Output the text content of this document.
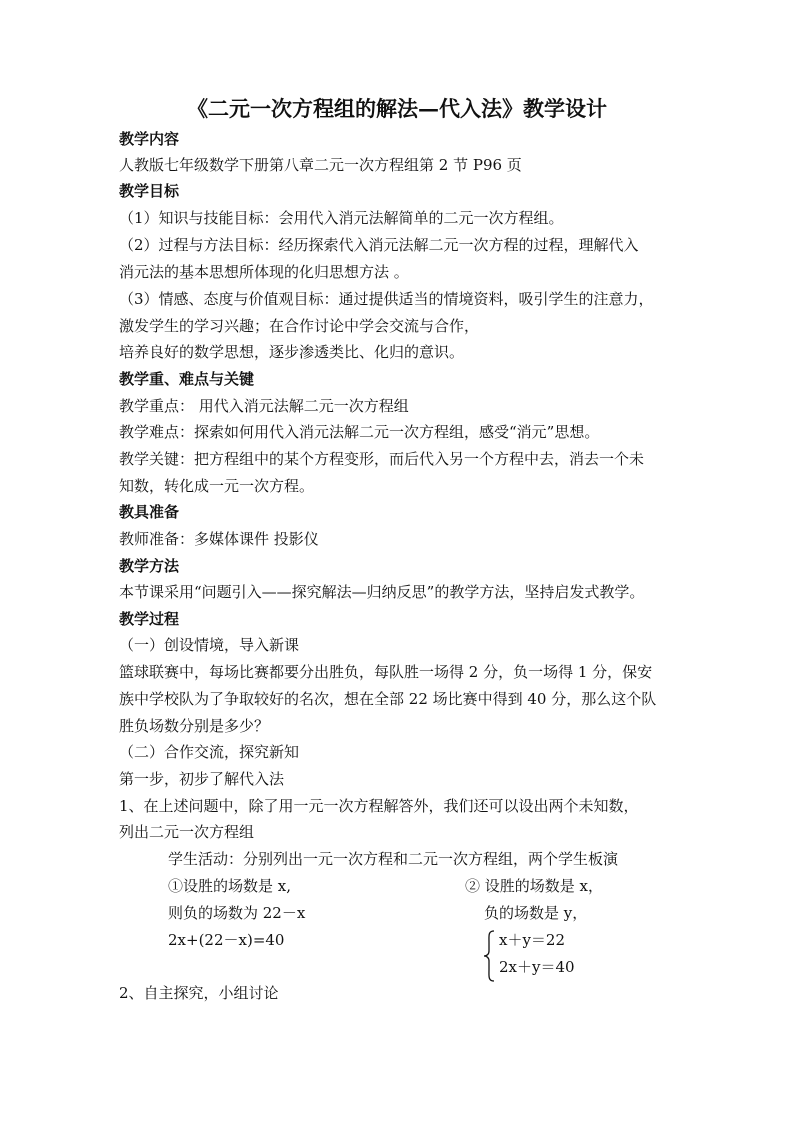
《二元一次方程组的解法—代入法》教学设计
教学内容
人教版七年级数学下册第八章二元一次方程组第 2 节 P96 页
教学目标
（1）知识与技能目标：会用代入消元法解简单的二元一次方程组。
（2）过程与方法目标：经历探索代入消元法解二元一次方程的过程，理解代入
消元法的基本思想所体现的化归思想方法 。
（3）情感、态度与价值观目标：通过提供适当的情境资料，吸引学生的注意力，
激发学生的学习兴趣；在合作讨论中学会交流与合作，
培养良好的数学思想，逐步渗透类比、化归的意识。
教学重、难点与关键
教学重点： 用代入消元法解二元一次方程组
教学难点：探索如何用代入消元法解二元一次方程组，感受“消元”思想。
教学关键：把方程组中的某个方程变形，而后代入另一个方程中去，消去一个未
知数，转化成一元一次方程。
教具准备
教师准备：多媒体课件 投影仪
教学方法
本节课采用“问题引入——探究解法—归纳反思”的教学方法，坚持启发式教学。
教学过程
（一）创设情境，导入新课
篮球联赛中，每场比赛都要分出胜负，每队胜一场得 2 分，负一场得 1 分，保安
族中学校队为了争取较好的名次，想在全部 22 场比赛中得到 40 分，那么这个队
胜负场数分别是多少？
（二）合作交流，探究新知
第一步，初步了解代入法
1、在上述问题中，除了用一元一次方程解答外，我们还可以设出两个未知数，
列出二元一次方程组
学生活动：分别列出一元一次方程和二元一次方程组，两个学生板演
①设胜的场数是 x,
则负的场数为 22－x
2x+(22－x)=40
② 设胜的场数是 x，
负的场数是 y，
x＋y＝22
2x＋y＝40
2、自主探究，小组讨论
